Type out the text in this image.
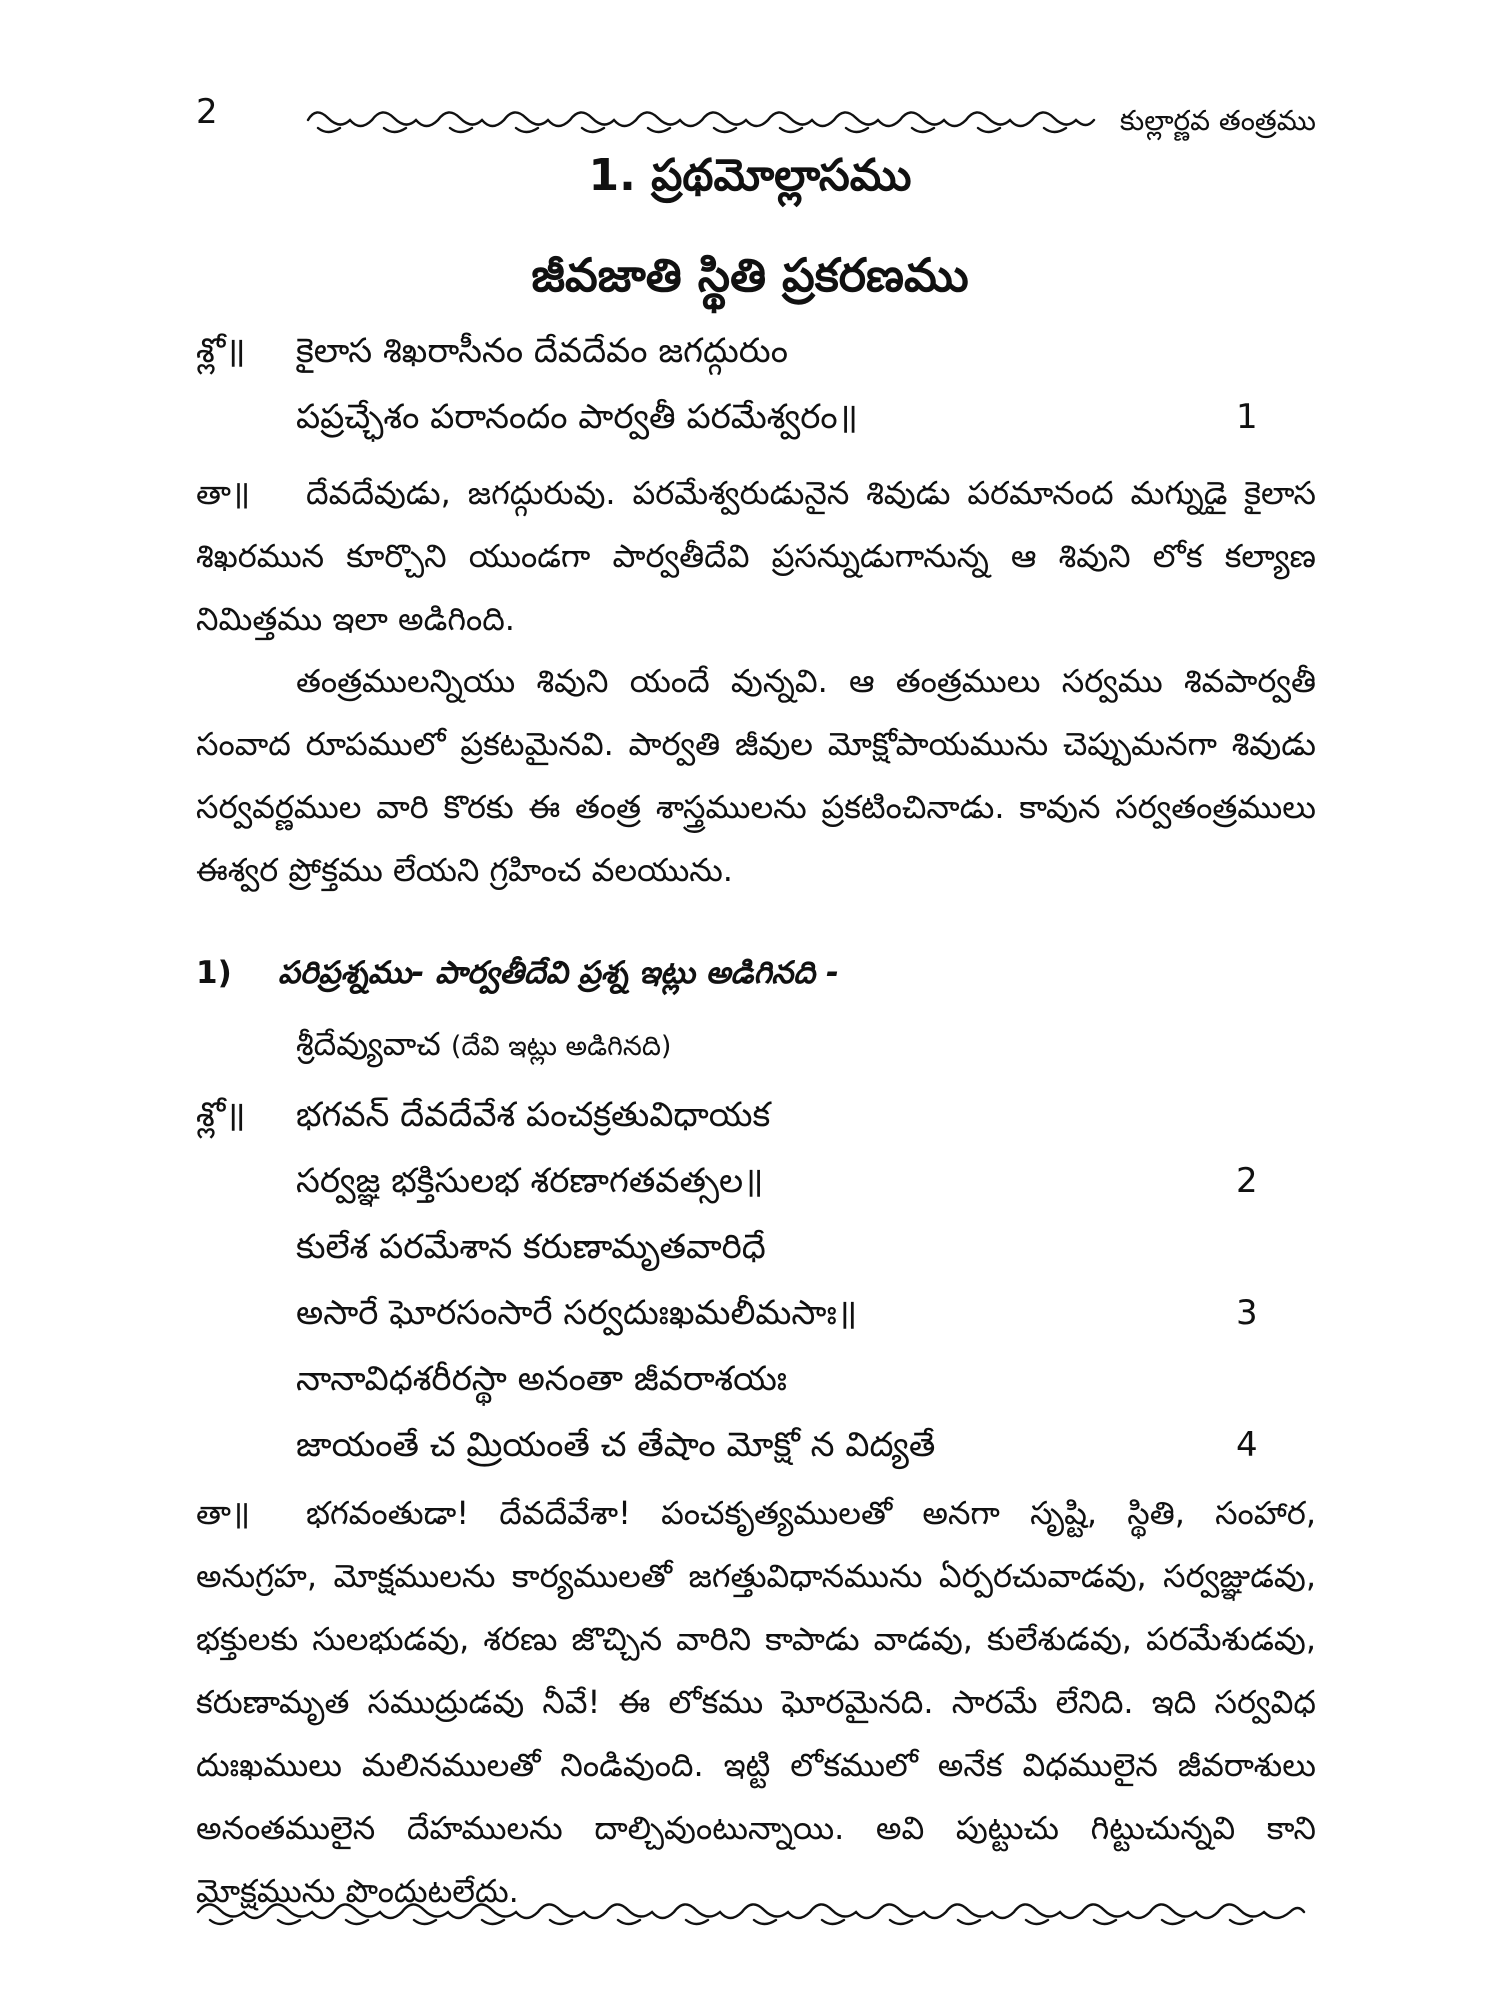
2	కుల్లార్ణవ తంత్రము
1. ప్రథమోల్లాసము
జీవజాతి స్థితి ప్రకరణము
శ్లో॥ కైలాస శిఖరాసీనం దేవదేవం జగద్గురుం
పప్రచ్ఛేశం పరానందం పార్వతీ పరమేశ్వరం॥	1
తా॥ దేవదేవుడు, జగద్గురువు. పరమేశ్వరుడునైన శివుడు పరమానంద మగ్నుడై కైలాస శిఖరమున కూర్చొని యుండగా పార్వతీదేవి ప్రసన్నుడుగానున్న ఆ శివుని లోక కల్యాణ నిమిత్తము ఇలా అడిగింది.
తంత్రములన్నియు శివుని యందే వున్నవి. ఆ తంత్రములు సర్వము శివపార్వతీ సంవాద రూపములో ప్రకటమైనవి. పార్వతి జీవుల మోక్షోపాయమును చెప్పుమనగా శివుడు సర్వవర్ణముల వారి కొరకు ఈ తంత్ర శాస్త్రములను ప్రకటించినాడు. కావున సర్వతంత్రములు ఈశ్వర ప్రోక్తము లేయని గ్రహించ వలయును.
1) పరిప్రశ్నము- పార్వతీదేవి ప్రశ్న ఇట్లు అడిగినది -
శ్రీదేవ్యువాచ (దేవి ఇట్లు అడిగినది)
శ్లో॥ భగవన్ దేవదేవేశ పంచక్రతువిధాయక
సర్వజ్ఞ భక్తిసులభ శరణాగతవత్సల॥	2
కులేశ పరమేశాన కరుణామృతవారిధే
అసారే ఘోరసంసారే సర్వదుఃఖమలీమసాః॥	3
నానావిధశరీరస్థా అనంతా జీవరాశయః
జాయంతే చ మ్రియంతే చ తేషాం మోక్షో న విద్యతే	4
తా॥ భగవంతుడా! దేవదేవేశా! పంచకృత్యములతో అనగా సృష్టి, స్థితి, సంహార, అనుగ్రహ, మోక్షములను కార్యములతో జగత్తువిధానమును ఏర్పరచువాడవు, సర్వజ్ఞుడవు, భక్తులకు సులభుడవు, శరణు జొచ్చిన వారిని కాపాడు వాడవు, కులేశుడవు, పరమేశుడవు, కరుణామృత సముద్రుడవు నీవే! ఈ లోకము ఘోరమైనది. సారమే లేనిది. ఇది సర్వవిధ దుఃఖములు మలినములతో నిండివుంది. ఇట్టి లోకములో అనేక విధములైన జీవరాశులు అనంతములైన దేహములను దాల్చివుంటున్నాయి. అవి పుట్టుచు గిట్టుచున్నవి కాని మోక్షమును పొందుటలేదు.
